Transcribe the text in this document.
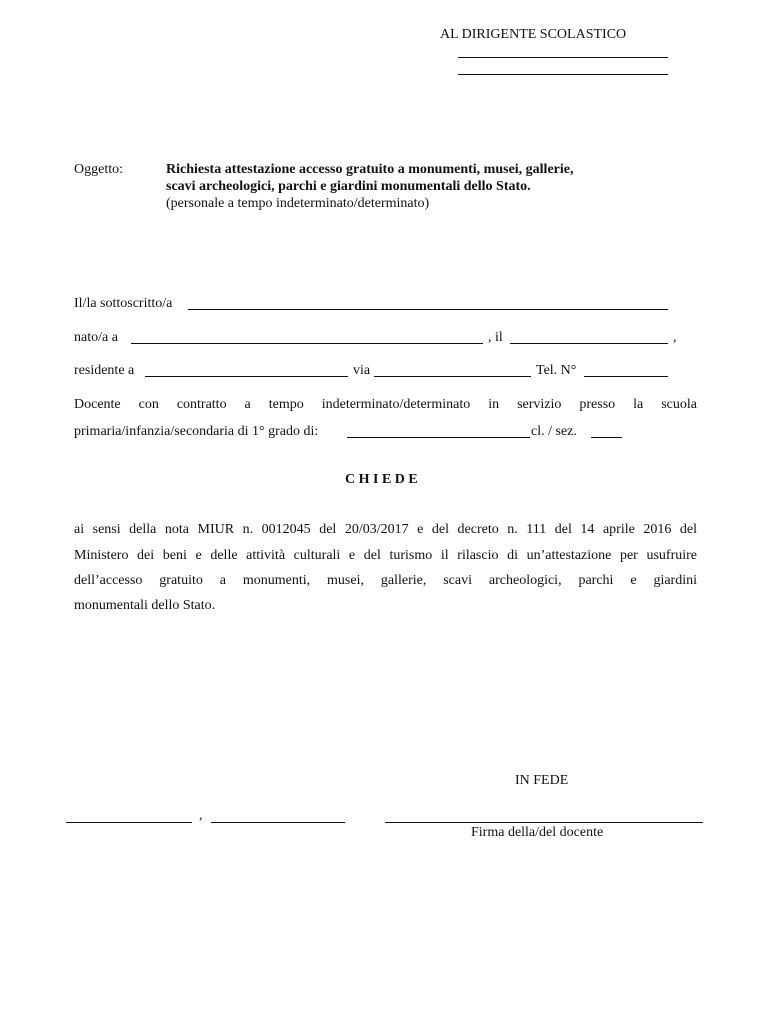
AL DIRIGENTE SCOLASTICO
Oggetto:	Richiesta attestazione accesso gratuito a monumenti, musei, gallerie,
scavi archeologici, parchi e giardini monumentali dello Stato.
(personale a tempo indeterminato/determinato)
Il/la sottoscritto/a
nato/a a	, il	,
residente a	via	Tel. N°
Docente con contratto a tempo indeterminato/determinato in servizio presso la scuola
primaria/infanzia/secondaria di 1° grado di:	cl. / sez.
C H I E D E
ai sensi della nota MIUR n. 0012045 del 20/03/2017 e del decreto n. 111 del 14 aprile 2016 del
Ministero dei beni e delle attività culturali e del turismo il rilascio di un’attestazione per usufruire
dell’accesso gratuito a monumenti, musei, gallerie, scavi archeologici, parchi e giardini
monumentali dello Stato.
IN FEDE
,
Firma della/del docente
